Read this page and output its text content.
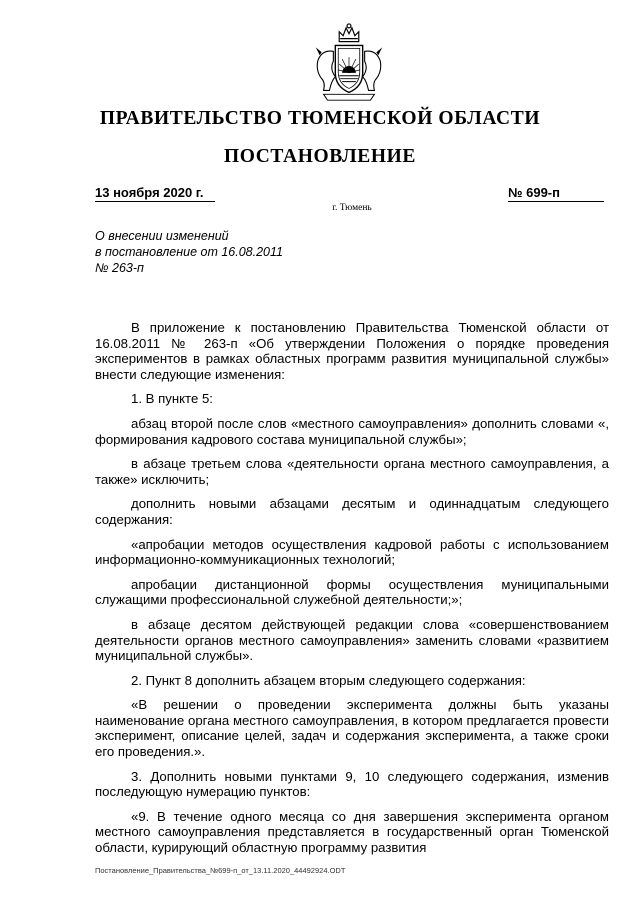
ПРАВИТЕЛЬСТВО ТЮМЕНСКОЙ ОБЛАСТИ
ПОСТАНОВЛЕНИЕ
13 ноября 2020 г.	№ 699-п
г. Тюмень
О внесении изменений
в постановление от 16.08.2011
№ 263-п

В приложение к постановлению Правительства Тюменской области от 16.08.2011 № 263-п «Об утверждении Положения о порядке проведения экспериментов в рамках областных программ развития муниципальной службы» внести следующие изменения:

1. В пункте 5:

абзац второй после слов «местного самоуправления» дополнить словами «, формирования кадрового состава муниципальной службы»;

в абзаце третьем слова «деятельности органа местного самоуправления, а также» исключить;

дополнить новыми абзацами десятым и одиннадцатым следующего содержания:

«апробации методов осуществления кадровой работы с использованием информационно-коммуникационных технологий;

апробации дистанционной формы осуществления муниципальными служащими профессиональной служебной деятельности;»;

в абзаце десятом действующей редакции слова «совершенствованием деятельности органов местного самоуправления» заменить словами «развитием муниципальной службы».

2. Пункт 8 дополнить абзацем вторым следующего содержания:

«В решении о проведении эксперимента должны быть указаны наименование органа местного самоуправления, в котором предлагается провести эксперимент, описание целей, задач и содержания эксперимента, а также сроки его проведения.».

3. Дополнить новыми пунктами 9, 10 следующего содержания, изменив последующую нумерацию пунктов:

«9. В течение одного месяца со дня завершения эксперимента органом местного самоуправления представляется в государственный орган Тюменской области, курирующий областную программу развития

Постановление_Правительства_№699-п_от_13.11.2020_44492924.ODT
